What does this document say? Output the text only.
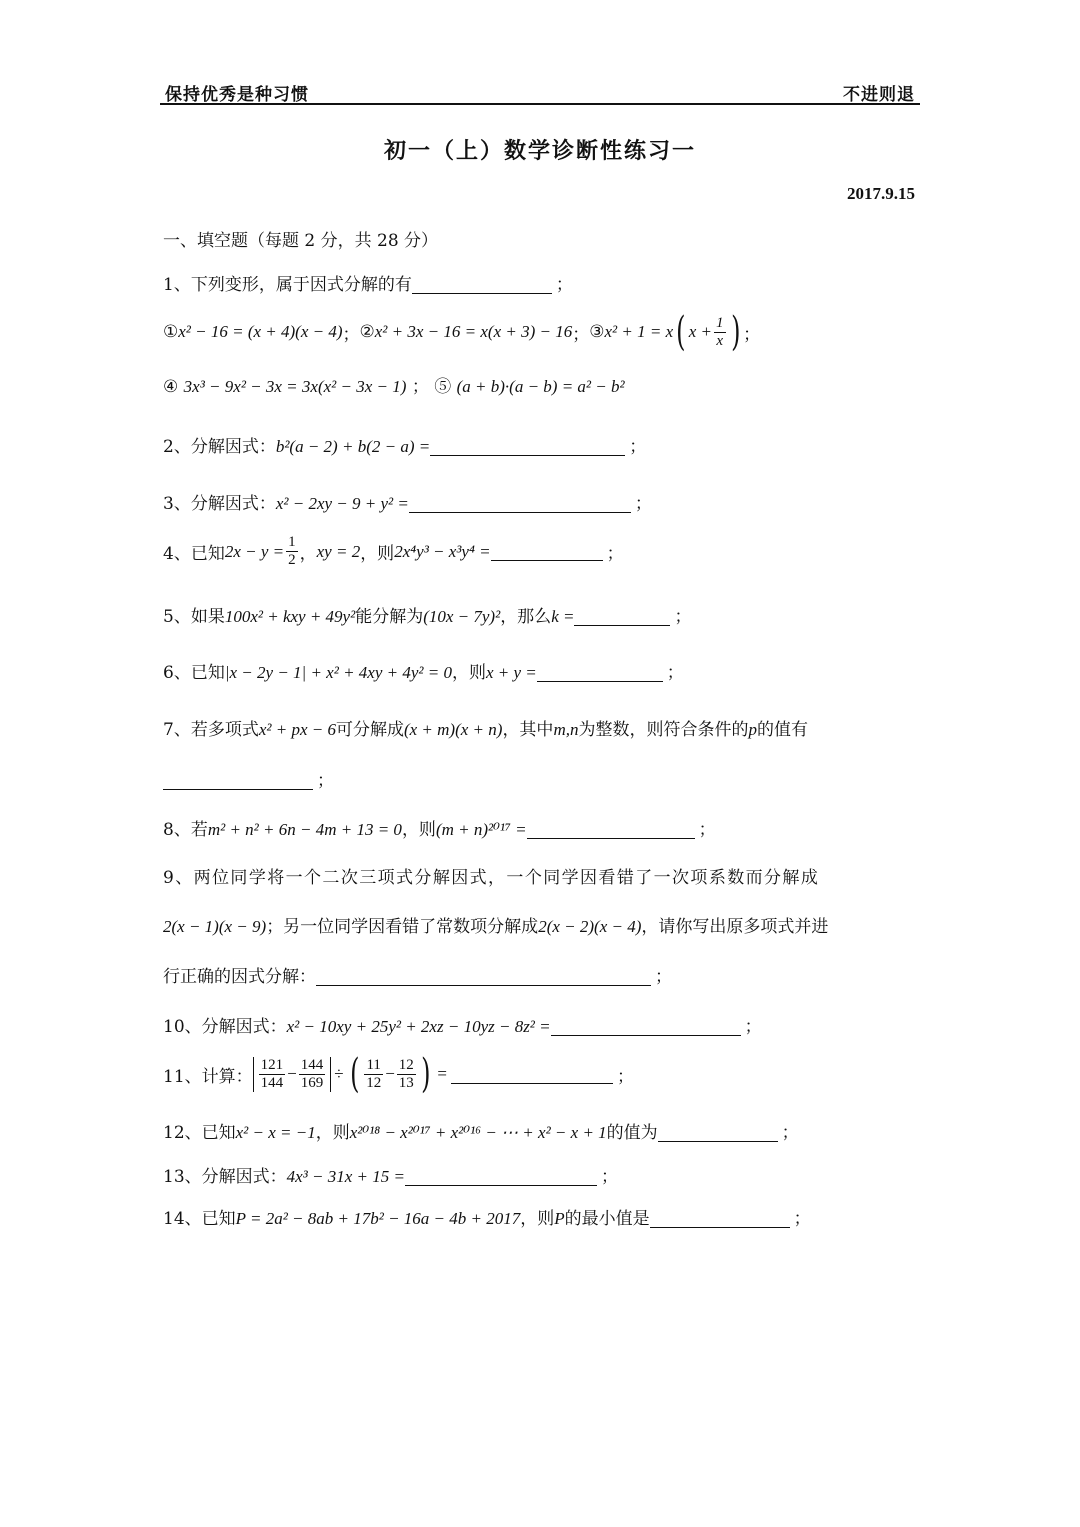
保持优秀是种习惯	不进则退
初一（上）数学诊断性练习一
2017.9.15
一、填空题（每题 2 分，共 28 分）
1、下列变形，属于因式分解的有	；
① x² − 16 = (x + 4)(x − 4) ； ② x² + 3x − 16 = x(x + 3) − 16 ； ③ x² + 1 = x ( $x + \frac{1}{x}$ ) ；
④ 3x³ − 9x² − 3x = 3x(x² − 3x − 1) ； ⑤ (a + b)·(a − b) = a² − b²
2、分解因式：b²(a − 2) + b(2 − a) =	；
3、分解因式：x² − 2xy − 9 + y² =	；
4、已知 $2x - y = \frac{1}{2}$ ， xy = 2 ，则 2x⁴y³ − x³y⁴ =	；
5、如果100x² + kxy + 49y²能分解为(10x − 7y)²，那么k =	；
6、已知|x − 2y − 1| + x² + 4xy + 4y² = 0，则x + y =	；
7、若多项式x² + px − 6可分解成(x + m)(x + n)，其中m,n为整数，则符合条件的p的值有
；
8、若m² + n² + 6n − 4m + 13 = 0，则(m + n)²⁰¹⁷ =	；
9、两位同学将一个二次三项式分解因式，一个同学因看错了一次项系数而分解成
2(x − 1)(x − 9)；另一位同学因看错了常数项分解成2(x − 2)(x − 4)，请你写出原多项式并进
行正确的因式分解：	；
10、分解因式：x² − 10xy + 25y² + 2xz − 10yz − 8z² =	；
11、计算： $\frac{121}{144} - \frac{144}{169}$ ÷ ( $\frac{11}{12} - \frac{12}{13}$ ) =	；
12、已知x² − x = −1，则x²⁰¹⁸ − x²⁰¹⁷ + x²⁰¹⁶ − ⋯ + x² − x + 1的值为	；
13、分解因式：4x³ − 31x + 15 =	；
14、已知P = 2a² − 8ab + 17b² − 16a − 4b + 2017，则P的最小值是	；
